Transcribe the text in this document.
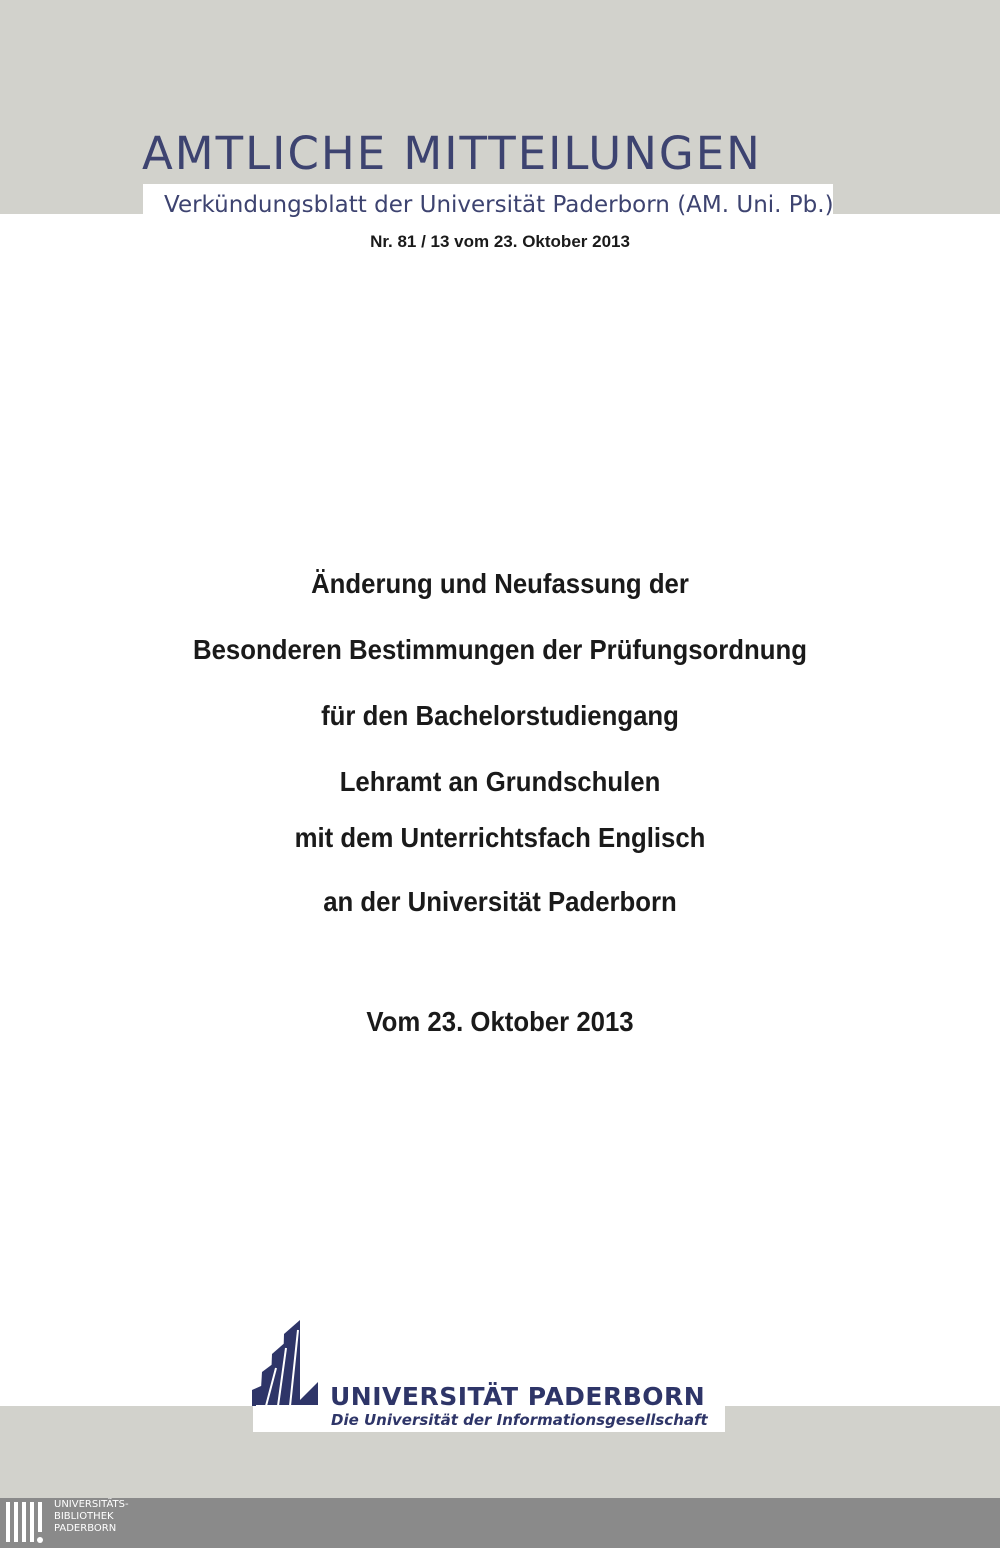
AMTLICHE MITTEILUNGEN
Verkündungsblatt der Universität Paderborn (AM. Uni. Pb.)
Nr. 81 / 13 vom 23. Oktober 2013

Änderung und Neufassung der

Besonderen Bestimmungen der Prüfungsordnung

für den Bachelorstudiengang

Lehramt an Grundschulen

mit dem Unterrichtsfach Englisch

an der Universität Paderborn

Vom 23. Oktober 2013
UNIVERSITÄT PADERBORN
Die Universität der Informationsgesellschaft
UNIVERSITÄTS-
BIBLIOTHEK
PADERBORN
